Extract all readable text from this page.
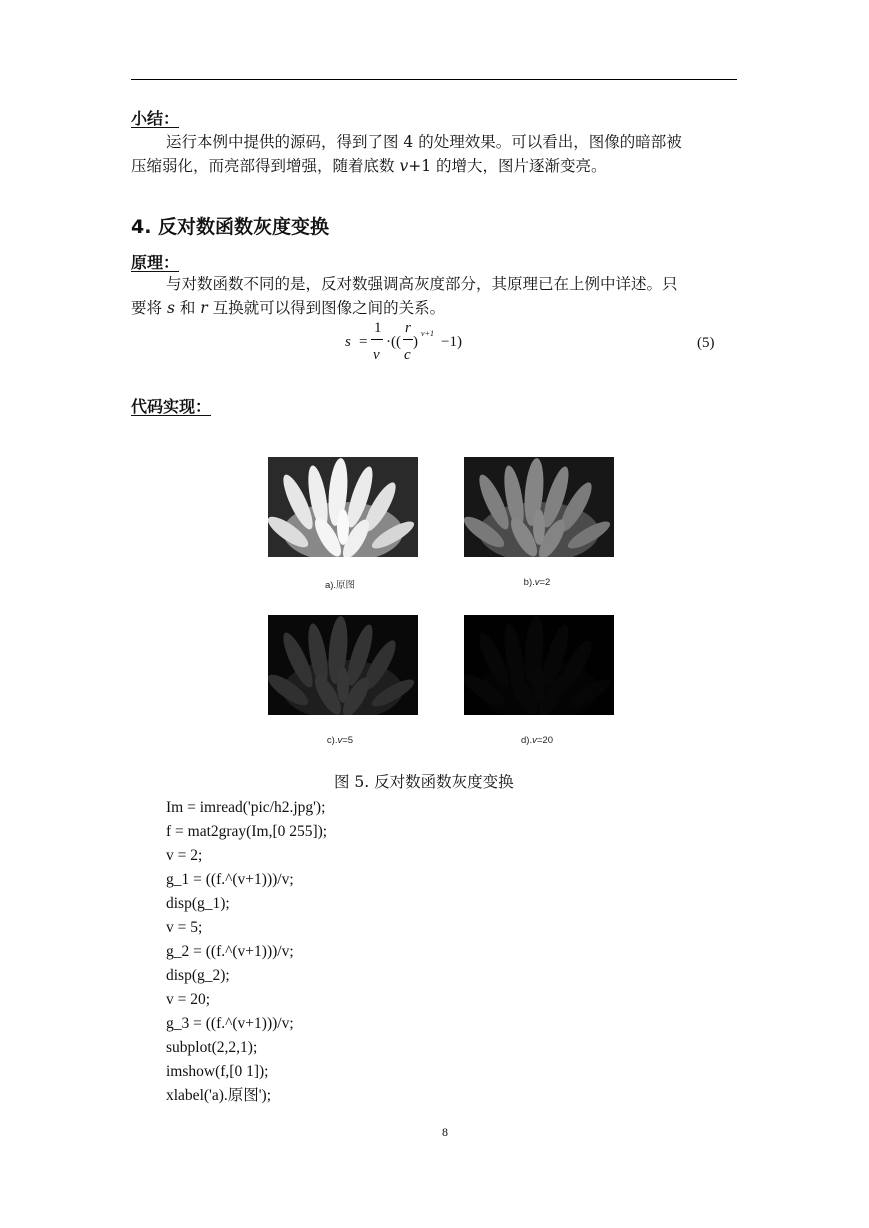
小结：
运行本例中提供的源码，得到了图 4 的处理效果。可以看出，图像的暗部被
压缩弱化，而亮部得到增强，随着底数 v+1 的增大，图片逐渐变亮。
4. 反对数函数灰度变换
原理：
与对数函数不同的是，反对数强调高灰度部分，其原理已在上例中详述。只
要将 s 和 r 互换就可以得到图像之间的关系。
s =
1
v
·((
r
c
)
v+1
−1)	(5)
代码实现：
a).原图	b).v=2
c).v=5	d).v=20
图 5. 反对数函数灰度变换
Im = imread('pic/h2.jpg');
f = mat2gray(Im,[0 255]);
v = 2;
g_1 = ((f.^(v+1)))/v;
disp(g_1);
v = 5;
g_2 = ((f.^(v+1)))/v;
disp(g_2);
v = 20;
g_3 = ((f.^(v+1)))/v;
subplot(2,2,1);
imshow(f,[0 1]);
xlabel('a).原图');
8
